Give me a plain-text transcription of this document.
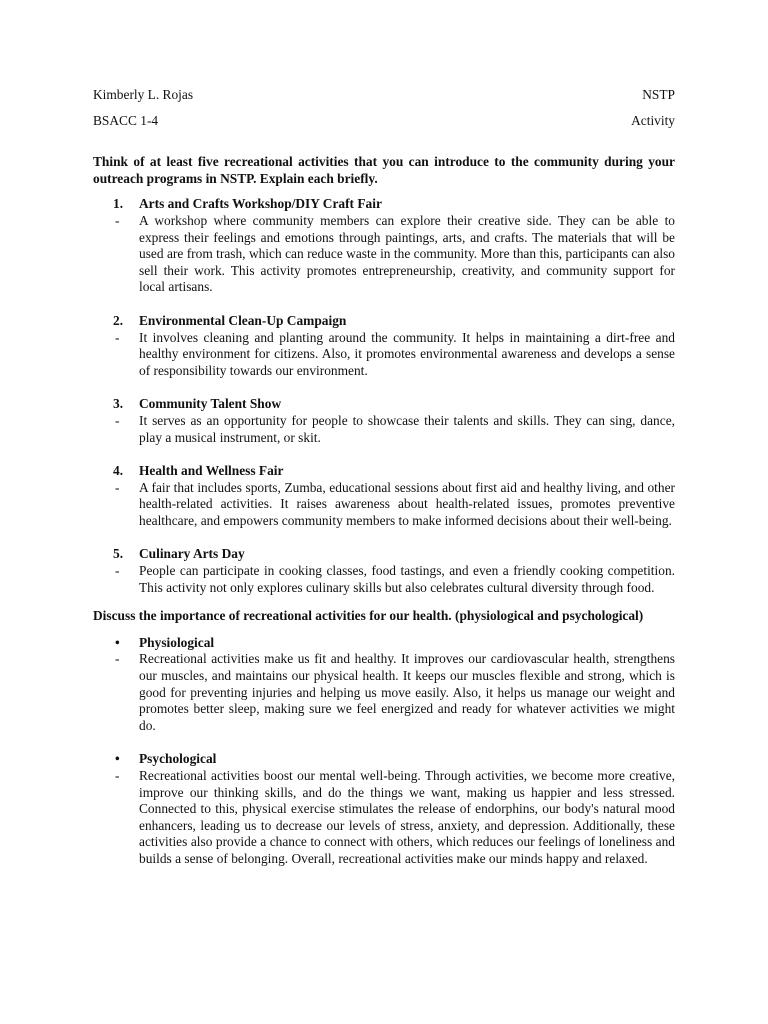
Kimberly L. Rojas	NSTP
BSACC 1-4	Activity
Think of at least five recreational activities that you can introduce to the community during your outreach programs in NSTP. Explain each briefly.
1.	Arts and Crafts Workshop/DIY Craft Fair
-	A workshop where community members can explore their creative side. They can be able to express their feelings and emotions through paintings, arts, and crafts. The materials that will be used are from trash, which can reduce waste in the community. More than this, participants can also sell their work. This activity promotes entrepreneurship, creativity, and community support for local artisans.
2.	Environmental Clean-Up Campaign
-	It involves cleaning and planting around the community. It helps in maintaining a dirt-free and healthy environment for citizens. Also, it promotes environmental awareness and develops a sense of responsibility towards our environment.
3.	Community Talent Show
-	It serves as an opportunity for people to showcase their talents and skills. They can sing, dance, play a musical instrument, or skit.
4.	Health and Wellness Fair
-	A fair that includes sports, Zumba, educational sessions about first aid and healthy living, and other health-related activities. It raises awareness about health-related issues, promotes preventive healthcare, and empowers community members to make informed decisions about their well-being.
5.	Culinary Arts Day
-	People can participate in cooking classes, food tastings, and even a friendly cooking competition. This activity not only explores culinary skills but also celebrates cultural diversity through food.
Discuss the importance of recreational activities for our health. (physiological and psychological)
•	Physiological
-	Recreational activities make us fit and healthy. It improves our cardiovascular health, strengthens our muscles, and maintains our physical health. It keeps our muscles flexible and strong, which is good for preventing injuries and helping us move easily. Also, it helps us manage our weight and promotes better sleep, making sure we feel energized and ready for whatever activities we might do.
•	Psychological
-	Recreational activities boost our mental well-being. Through activities, we become more creative, improve our thinking skills, and do the things we want, making us happier and less stressed. Connected to this, physical exercise stimulates the release of endorphins, our body's natural mood enhancers, leading us to decrease our levels of stress, anxiety, and depression. Additionally, these activities also provide a chance to connect with others, which reduces our feelings of loneliness and builds a sense of belonging. Overall, recreational activities make our minds happy and relaxed.
